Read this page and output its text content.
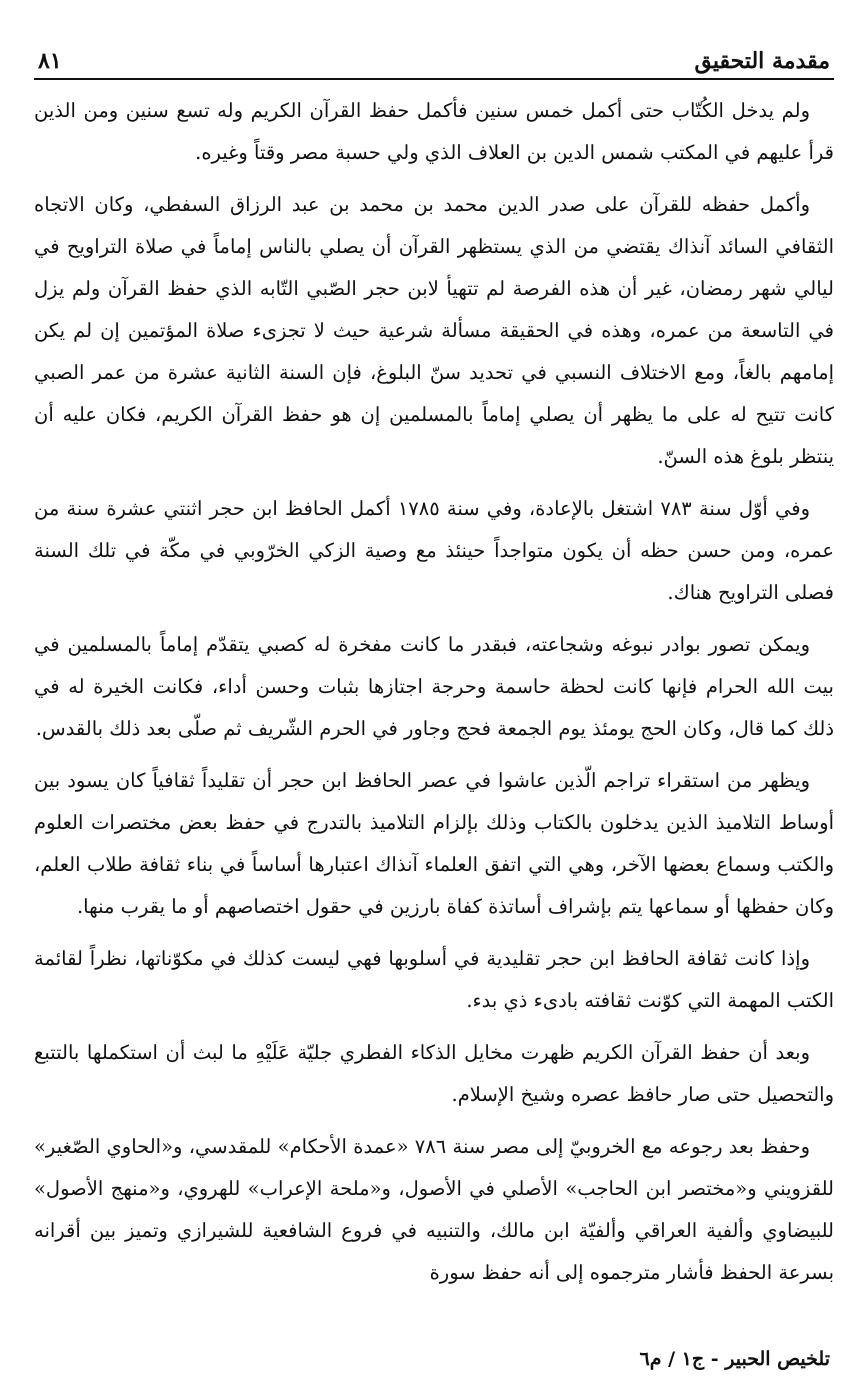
مقدمة التحقيق
٨١

ولم يدخل الكُتّاب حتى أكمل خمس سنين فأكمل حفظ القرآن الكريم وله تسع سنين ومن الذين قرأ عليهم في المكتب شمس الدين بن العلاف الذي ولي حسبة مصر وقتاً وغيره.

وأكمل حفظه للقرآن على صدر الدين محمد بن محمد بن عبد الرزاق السفطي، وكان الاتجاه الثقافي السائد آنذاك يقتضي من الذي يستظهر القرآن أن يصلي بالناس إماماً في صلاة التراويح في ليالي شهر رمضان، غير أن هذه الفرصة لم تتهيأ لابن حجر الصّبي التّابه الذي حفظ القرآن ولم يزل في التاسعة من عمره، وهذه في الحقيقة مسألة شرعية حيث لا تجزىء صلاة المؤتمين إن لم يكن إمامهم بالغاً، ومع الاختلاف النسبي في تحديد سنّ البلوغ، فإن السنة الثانية عشرة من عمر الصبي كانت تتيح له على ما يظهر أن يصلي إماماً بالمسلمين إن هو حفظ القرآن الكريم، فكان عليه أن ينتظر بلوغ هذه السنّ.

وفي أوّل سنة ٧٨٣ اشتغل بالإعادة، وفي سنة ١٧٨٥ أكمل الحافظ ابن حجر اثنتي عشرة سنة من عمره، ومن حسن حظه أن يكون متواجداً حينئذ مع وصية الزكي الخرّوبي في مكّة في تلك السنة فصلى التراويح هناك.

ويمكن تصور بوادر نبوغه وشجاعته، فبقدر ما كانت مفخرة له كصبي يتقدّم إماماً بالمسلمين في بيت الله الحرام فإنها كانت لحظة حاسمة وحرجة اجتازها بثبات وحسن أداء، فكانت الخيرة له في ذلك كما قال، وكان الحج يومئذ يوم الجمعة فحج وجاور في الحرم الشّريف ثم صلّى بعد ذلك بالقدس.

ويظهر من استقراء تراجم الّذين عاشوا في عصر الحافظ ابن حجر أن تقليداً ثقافياً كان يسود بين أوساط التلاميذ الذين يدخلون بالكتاب وذلك بإلزام التلاميذ بالتدرج في حفظ بعض مختصرات العلوم والكتب وسماع بعضها الآخر، وهي التي اتفق العلماء آنذاك اعتبارها أساساً في بناء ثقافة طلاب العلم، وكان حفظها أو سماعها يتم بإشراف أساتذة كفاة بارزين في حقول اختصاصهم أو ما يقرب منها.

وإذا كانت ثقافة الحافظ ابن حجر تقليدية في أسلوبها فهي ليست كذلك في مكوّناتها، نظراً لقائمة الكتب المهمة التي كوّنت ثقافته بادىء ذي بدء.

وبعد أن حفظ القرآن الكريم ظهرت مخايل الذكاء الفطري جليّة عَلَيْهِ ما لبث أن استكملها بالتتبع والتحصيل حتى صار حافظ عصره وشيخ الإسلام.

وحفظ بعد رجوعه مع الخروبيّ إلى مصر سنة ٧٨٦ «عمدة الأحكام» للمقدسي، و«الحاوي الصّغير» للقزويني و«مختصر ابن الحاجب» الأصلي في الأصول، و«ملحة الإعراب» للهروي، و«منهج الأصول» للبيضاوي وألفية العراقي وألفيّة ابن مالك، والتنبيه في فروع الشافعية للشيرازي وتميز بين أقرانه بسرعة الحفظ فأشار مترجموه إلى أنه حفظ سورة

تلخيص الحبير - ج١ / م٦
